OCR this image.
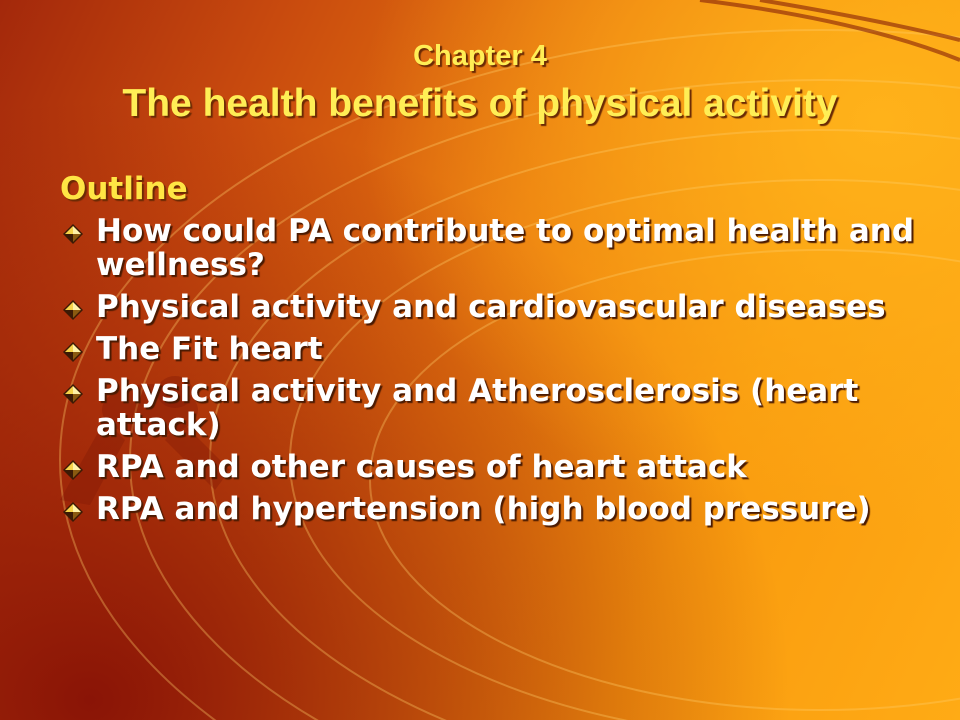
Chapter 4
The health benefits of physical activity
Outline
How could PA contribute to optimal health and wellness?
Physical activity and cardiovascular diseases
The Fit heart
Physical activity and Atherosclerosis (heart attack)
RPA and other causes of heart attack
RPA and hypertension (high blood pressure)
